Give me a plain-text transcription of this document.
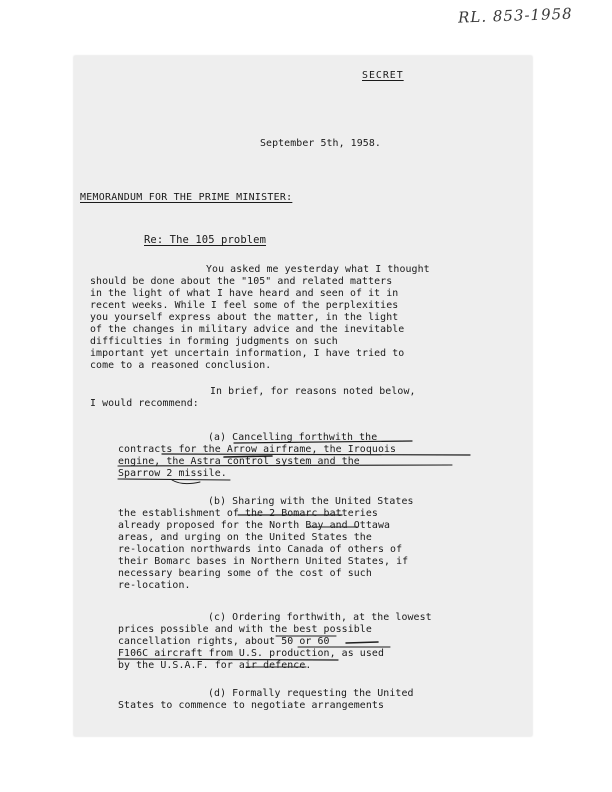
RL. 853-1958
SECRET
September 5th, 1958.
MEMORANDUM FOR THE PRIME MINISTER:
Re: The 105 problem
You asked me yesterday what I thought
should be done about the "105" and related matters
in the light of what I have heard and seen of it in
recent weeks. While I feel some of the perplexities
you yourself express about the matter, in the light
of the changes in military advice and the inevitable
difficulties in forming judgments on such
important yet uncertain information, I have tried to
come to a reasoned conclusion.
In brief, for reasons noted below,
I would recommend:
(a) Cancelling forthwith the
contracts for the Arrow airframe, the Iroquois
engine, the Astra control system and the
Sparrow 2 missile.
(b) Sharing with the United States
the establishment of the 2 Bomarc batteries
already proposed for the North Bay and Ottawa
areas, and urging on the United States the
re-location northwards into Canada of others of
their Bomarc bases in Northern United States, if
necessary bearing some of the cost of such
re-location.
(c) Ordering forthwith, at the lowest
prices possible and with the best possible
cancellation rights, about 50 or 60
F106C aircraft from U.S. production, as used
by the U.S.A.F. for air defence.
(d) Formally requesting the United
States to commence to negotiate arrangements
